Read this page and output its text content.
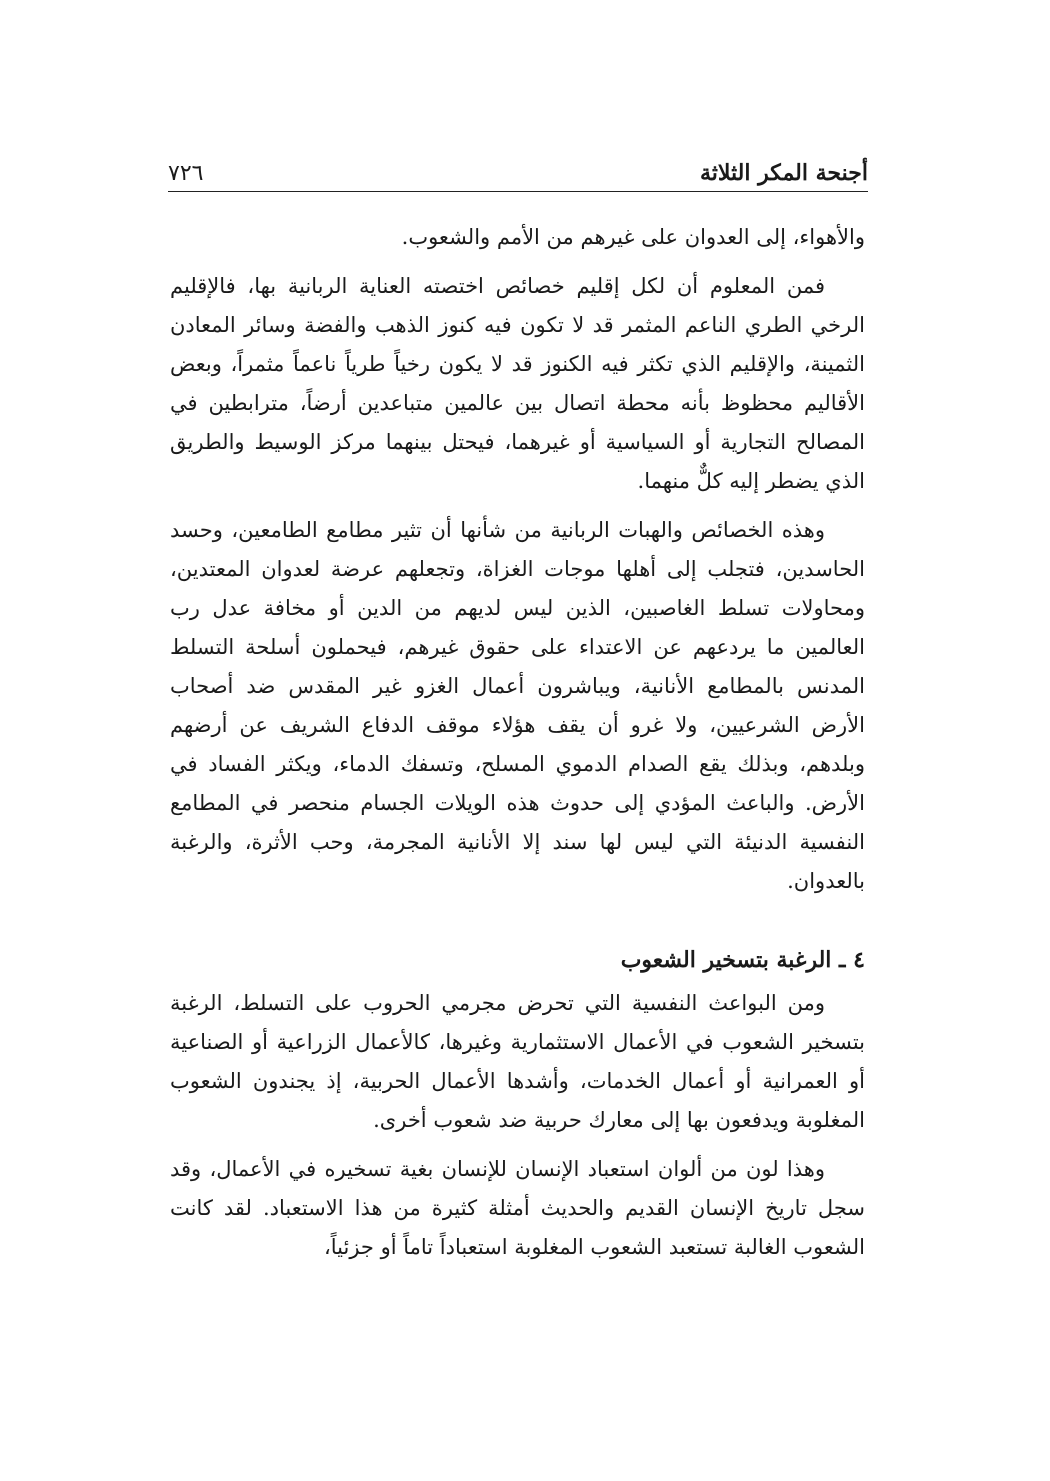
٧٢٦	أجنحة المكر الثلاثة

والأهواء، إلى العدوان على غيرهم من الأمم والشعوب.

فمن المعلوم أن لكل إقليم خصائص اختصته العناية الربانية بها، فالإقليم الرخي الطري الناعم المثمر قد لا تكون فيه كنوز الذهب والفضة وسائر المعادن الثمينة، والإقليم الذي تكثر فيه الكنوز قد لا يكون رخياً طرياً ناعماً مثمراً، وبعض الأقاليم محظوظ بأنه محطة اتصال بين عالمين متباعدين أرضاً، مترابطين في المصالح التجارية أو السياسية أو غيرهما، فيحتل بينهما مركز الوسيط والطريق الذي يضطر إليه كلٌّ منهما.

وهذه الخصائص والهبات الربانية من شأنها أن تثير مطامع الطامعين، وحسد الحاسدين، فتجلب إلى أهلها موجات الغزاة، وتجعلهم عرضة لعدوان المعتدين، ومحاولات تسلط الغاصبين، الذين ليس لديهم من الدين أو مخافة عدل رب العالمين ما يردعهم عن الاعتداء على حقوق غيرهم، فيحملون أسلحة التسلط المدنس بالمطامع الأنانية، ويباشرون أعمال الغزو غير المقدس ضد أصحاب الأرض الشرعيين، ولا غرو أن يقف هؤلاء موقف الدفاع الشريف عن أرضهم وبلدهم، وبذلك يقع الصدام الدموي المسلح، وتسفك الدماء، ويكثر الفساد في الأرض. والباعث المؤدي إلى حدوث هذه الويلات الجسام منحصر في المطامع النفسية الدنيئة التي ليس لها سند إلا الأنانية المجرمة، وحب الأثرة، والرغبة بالعدوان.

٤ ـ الرغبة بتسخير الشعوب

ومن البواعث النفسية التي تحرض مجرمي الحروب على التسلط، الرغبة بتسخير الشعوب في الأعمال الاستثمارية وغيرها، كالأعمال الزراعية أو الصناعية أو العمرانية أو أعمال الخدمات، وأشدها الأعمال الحربية، إذ يجندون الشعوب المغلوبة ويدفعون بها إلى معارك حربية ضد شعوب أخرى.

وهذا لون من ألوان استعباد الإنسان للإنسان بغية تسخيره في الأعمال، وقد سجل تاريخ الإنسان القديم والحديث أمثلة كثيرة من هذا الاستعباد. لقد كانت الشعوب الغالبة تستعبد الشعوب المغلوبة استعباداً تاماً أو جزئياً،
